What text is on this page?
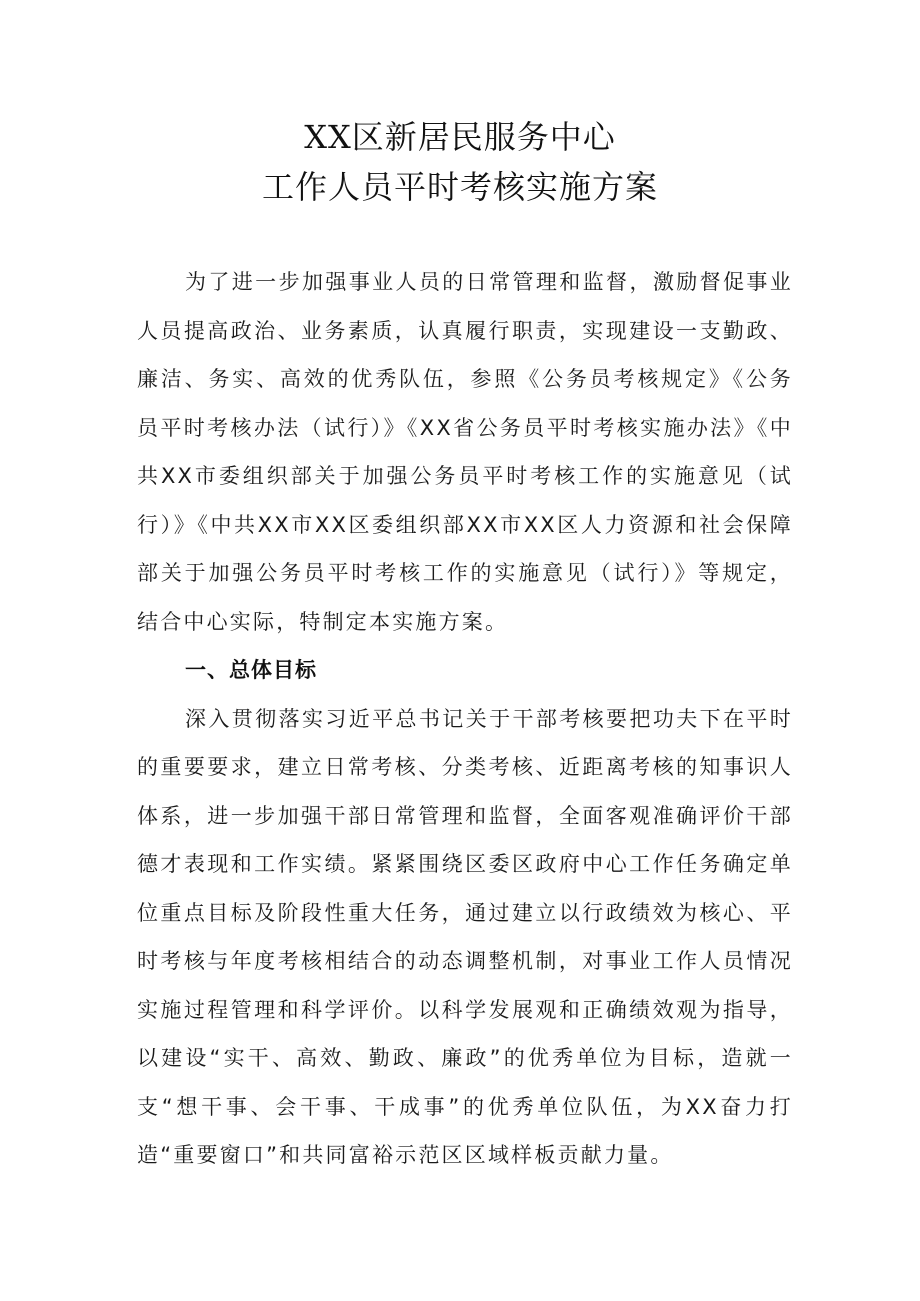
XX区新居民服务中心
工作人员平时考核实施方案

为了进一步加强事业人员的日常管理和监督，激励督促事业人员提高政治、业务素质，认真履行职责，实现建设一支勤政、廉洁、务实、高效的优秀队伍，参照《公务员考核规定》《公务员平时考核办法（试行）》《XX省公务员平时考核实施办法》《中共XX市委组织部关于加强公务员平时考核工作的实施意见（试行）》《中共XX市XX区委组织部XX市XX区人力资源和社会保障部关于加强公务员平时考核工作的实施意见（试行）》等规定，结合中心实际，特制定本实施方案。

一、总体目标

深入贯彻落实习近平总书记关于干部考核要把功夫下在平时的重要要求，建立日常考核、分类考核、近距离考核的知事识人体系，进一步加强干部日常管理和监督，全面客观准确评价干部德才表现和工作实绩。紧紧围绕区委区政府中心工作任务确定单位重点目标及阶段性重大任务，通过建立以行政绩效为核心、平时考核与年度考核相结合的动态调整机制，对事业工作人员情况实施过程管理和科学评价。以科学发展观和正确绩效观为指导，以建设“实干、高效、勤政、廉政”的优秀单位为目标，造就一支“想干事、会干事、干成事”的优秀单位队伍，为XX奋力打造“重要窗口”和共同富裕示范区区域样板贡献力量。
